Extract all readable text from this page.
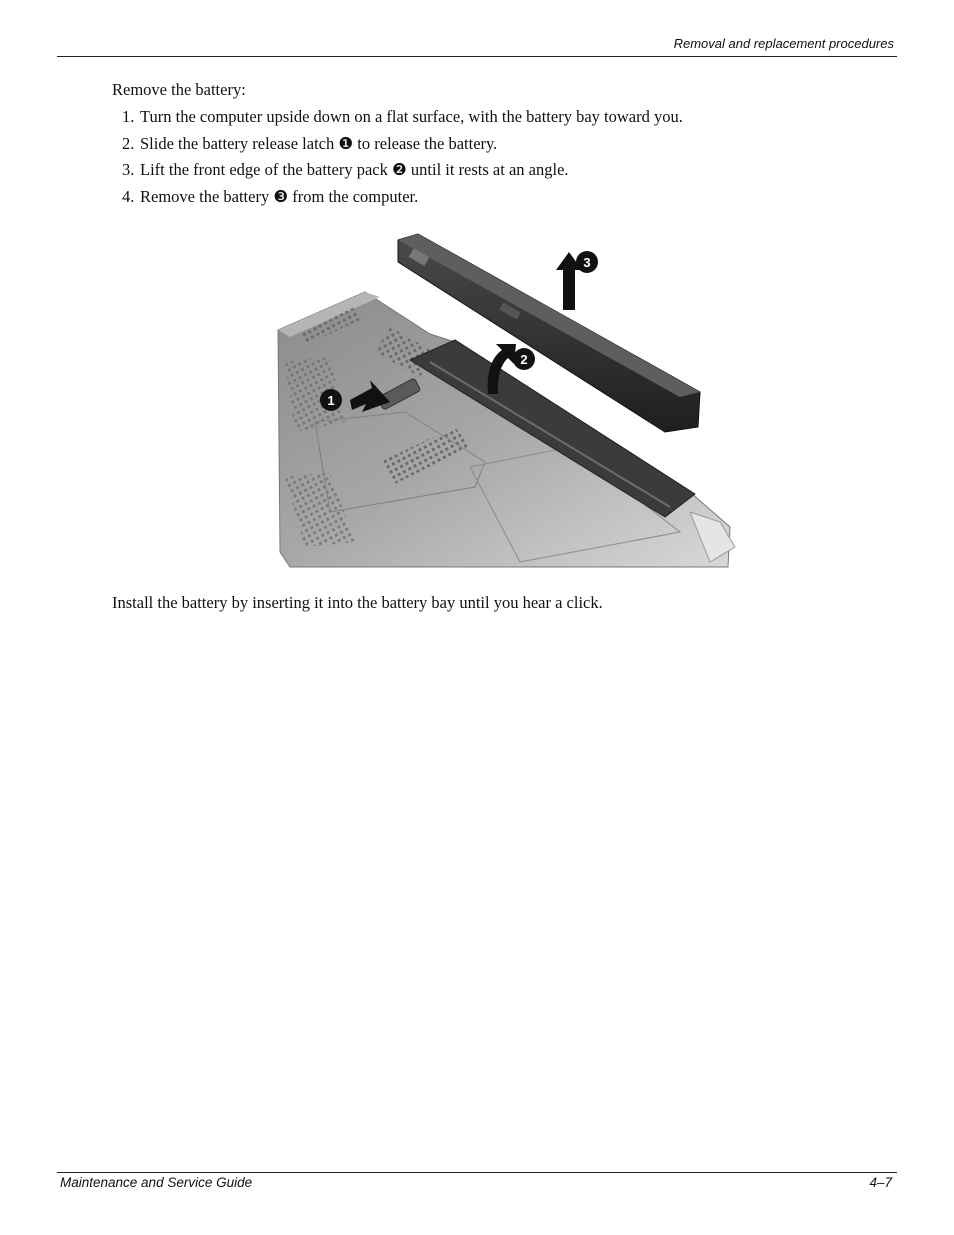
Removal and replacement procedures
Remove the battery:
1. Turn the computer upside down on a flat surface, with the battery bay toward you.
2. Slide the battery release latch ❶ to release the battery.
3. Lift the front edge of the battery pack ❷ until it rests at an angle.
4. Remove the battery ❸ from the computer.
1
2
3
Install the battery by inserting it into the battery bay until you hear a click.
Maintenance and Service Guide	4–7
